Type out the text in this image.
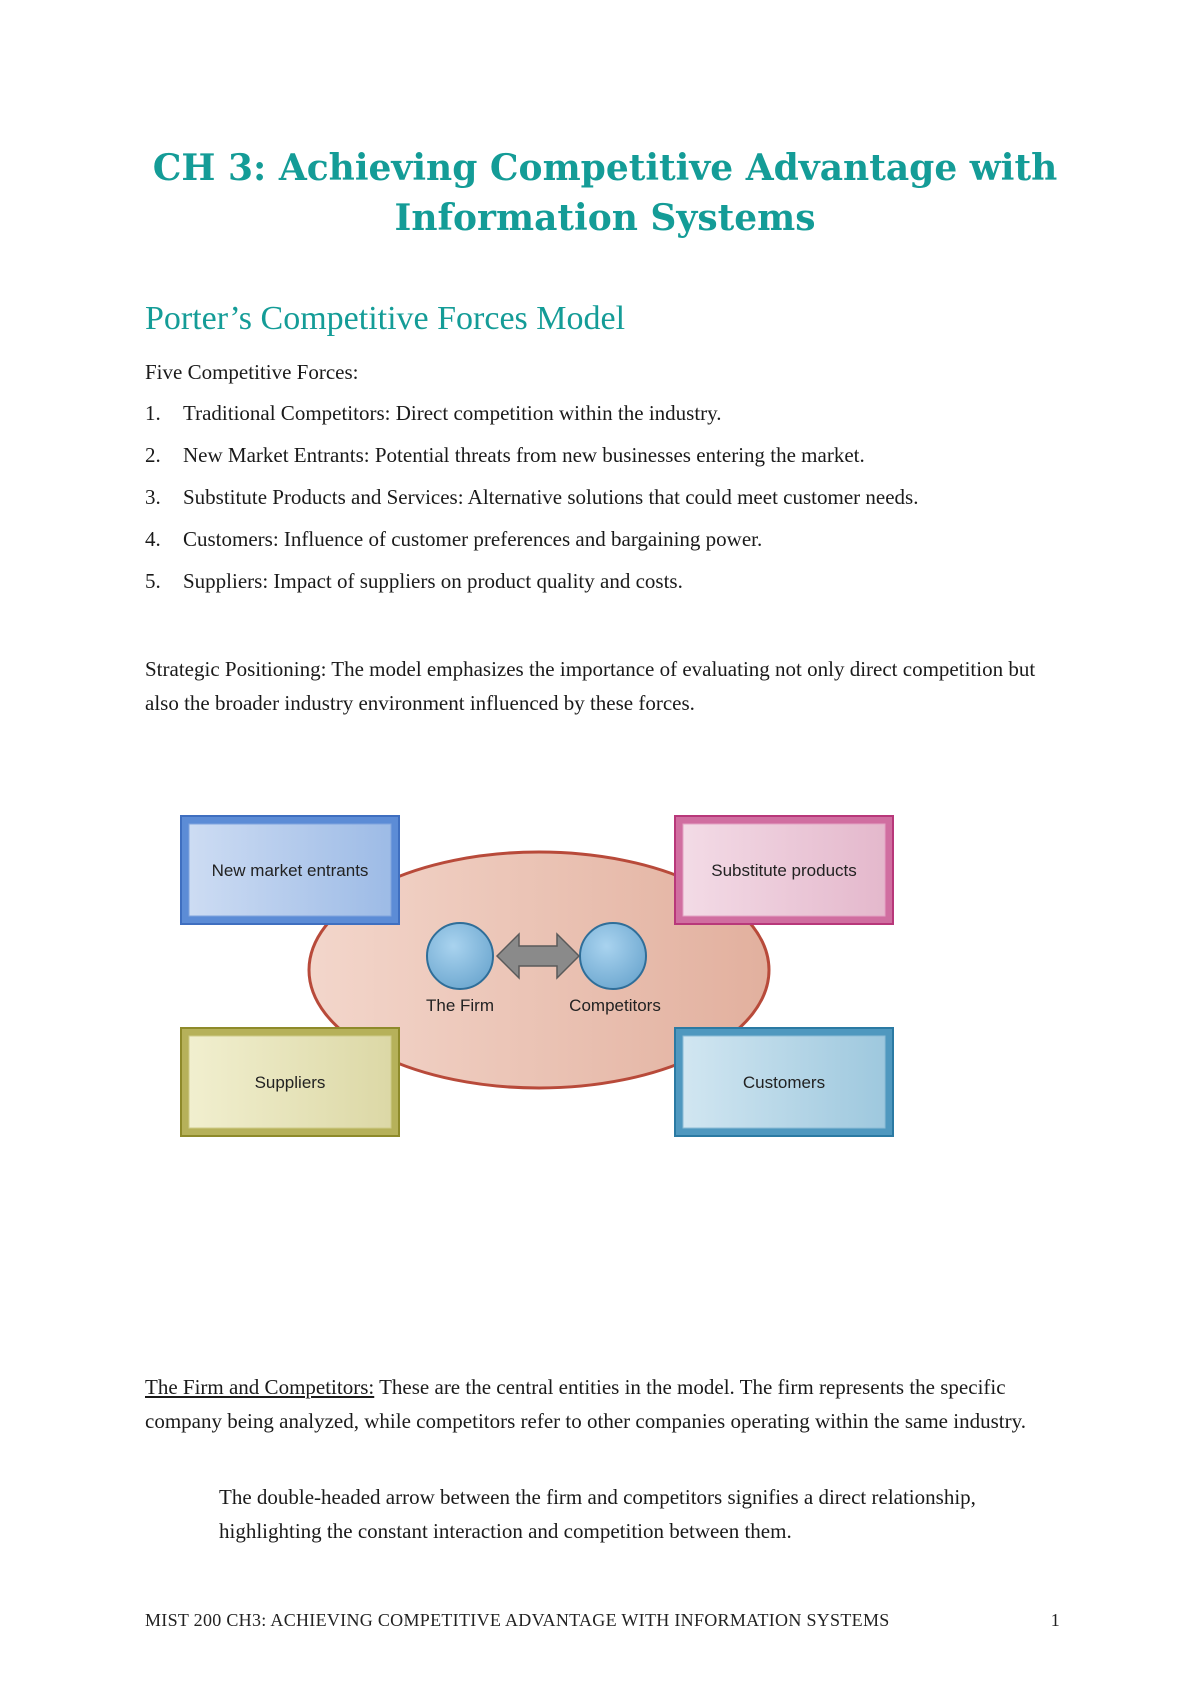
CH 3: Achieving Competitive Advantage with
Information Systems
Porter’s Competitive Forces Model

Five Competitive Forces:

1. Traditional Competitors: Direct competition within the industry.
2. New Market Entrants: Potential threats from new businesses entering the market.
3. Substitute Products and Services: Alternative solutions that could meet customer needs.
4. Customers: Influence of customer preferences and bargaining power.
5. Suppliers: Impact of suppliers on product quality and costs.

Strategic Positioning: The model emphasizes the importance of evaluating not only direct competition but also the broader industry environment influenced by these forces.

New market entrants	Substitute products
Suppliers	Customers
The Firm	Competitors

The Firm and Competitors: These are the central entities in the model. The firm represents the specific company being analyzed, while competitors refer to other companies operating within the same industry.

The double-headed arrow between the firm and competitors signifies a direct relationship, highlighting the constant interaction and competition between them.

MIST 200 CH3: ACHIEVING COMPETITIVE ADVANTAGE WITH INFORMATION SYSTEMS	1
